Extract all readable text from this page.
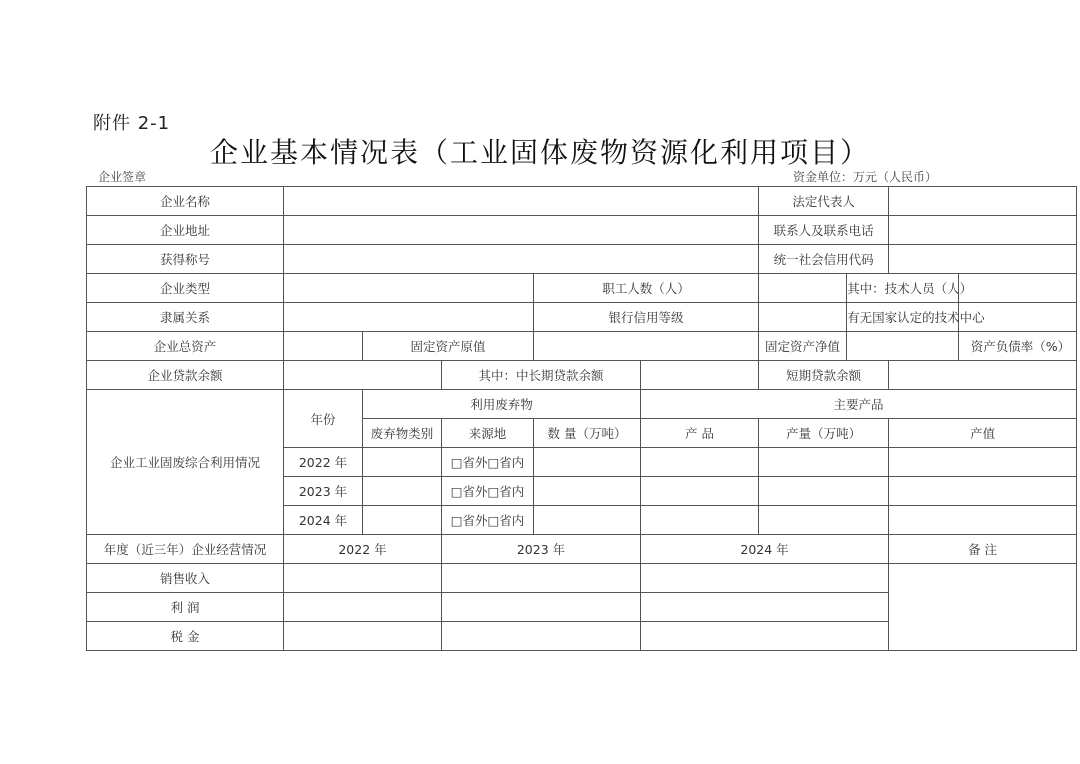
附件 2-1
企业基本情况表（工业固体废物资源化利用项目）
企业签章	资金单位：万元（人民币）
企业名称						法定代表人			
企业地址						联系人及联系电话			
获得称号						统一社会信用代码			
企业类型				职工人数（人）			其中：技术人员（人）		
隶属关系				银行信用等级			有无国家认定的技术中心		
企业总资产		固定资产原值				固定资产净值			资产负债率（%）
企业贷款余额			其中：中长期贷款余额			短期贷款余额			
企业工业固废综合利用情况	年份	利用废弃物			主要产品				
		废弃物类别	来源地	数 量（万吨）	产 品	产量（万吨）		产值	
	2022 年		□省外□省内						
	2023 年		□省外□省内						
	2024 年		□省外□省内						
年度（近三年）企业经营情况	2022 年		2023 年		2024 年			备 注	
销售收入									
利 润									
税 金									
